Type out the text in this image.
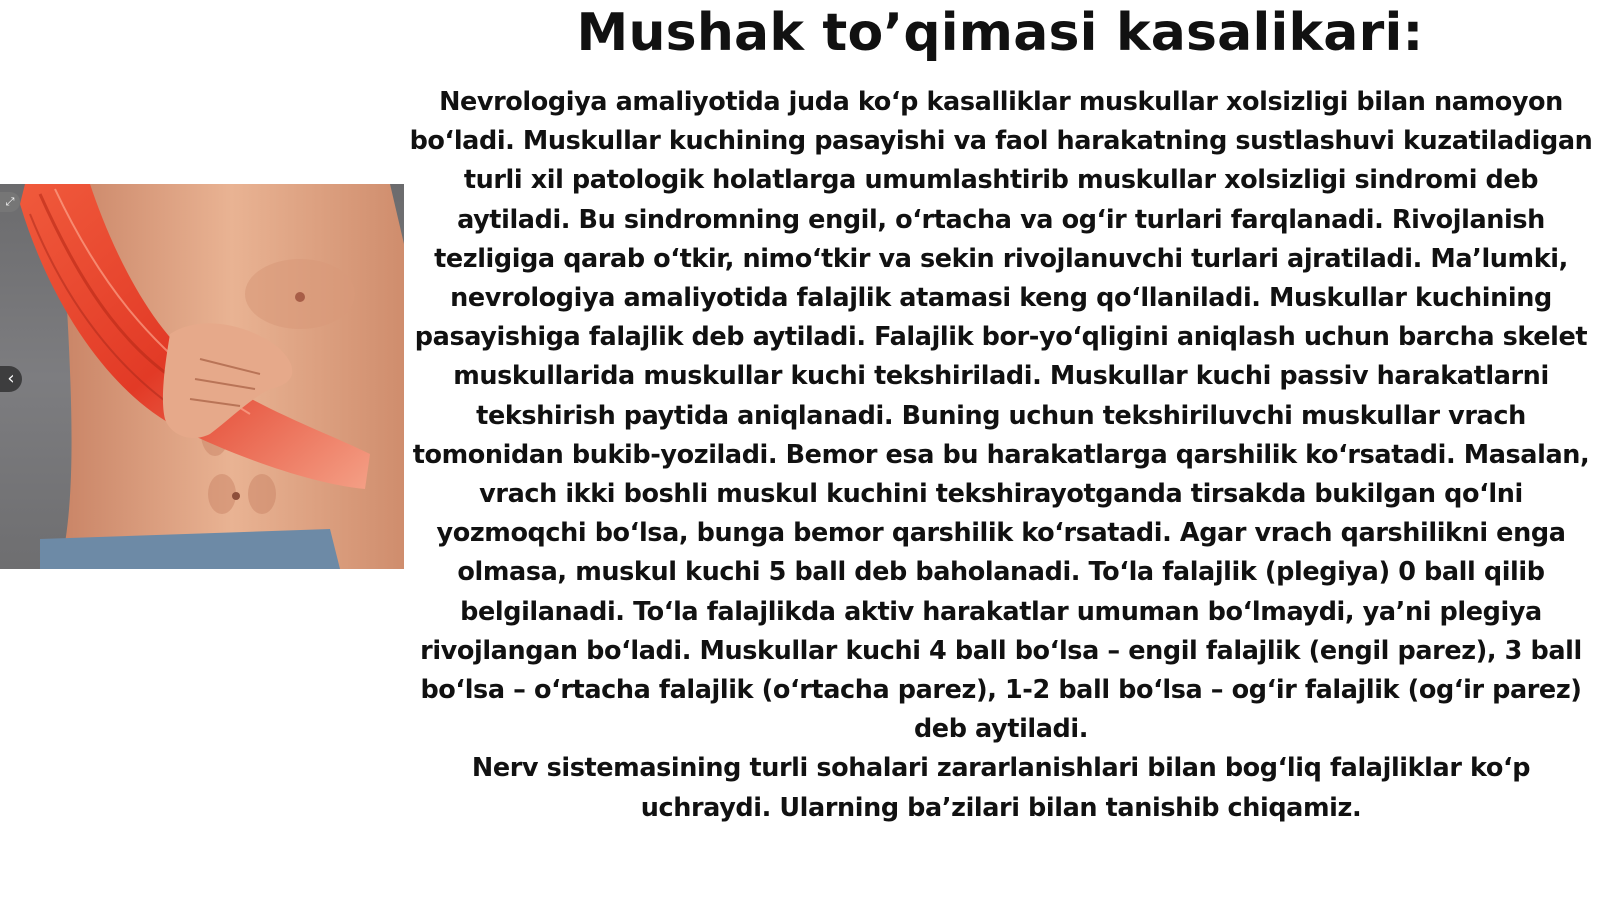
⤢
‹
Mushak to’qimasi kasalikari:

Nevrologiya amaliyotida juda koʻp kasalliklar muskullar xolsizligi bilan namoyon boʻladi. Muskullar kuchining pasayishi va faol harakatning sustlashuvi kuzatiladigan turli xil patologik holatlarga umumlashtirib muskullar xolsizligi sindromi deb aytiladi. Bu sindromning engil, oʻrtacha va ogʻir turlari farqlanadi. Rivojlanish tezligiga qarab oʻtkir, nimoʻtkir va sekin rivojlanuvchi turlari ajratiladi. Maʼlumki, nevrologiya amaliyotida falajlik atamasi keng qoʻllaniladi. Muskullar kuchining pasayishiga falajlik deb aytiladi. Falajlik bor-yoʻqligini aniqlash uchun barcha skelet muskullarida muskullar kuchi tekshiriladi. Muskullar kuchi passiv harakatlarni tekshirish paytida aniqlanadi. Buning uchun tekshiriluvchi muskullar vrach tomonidan bukib-yoziladi. Bemor esa bu harakatlarga qarshilik koʻrsatadi. Masalan, vrach ikki boshli muskul kuchini tekshirayotganda tirsakda bukilgan qoʻlni yozmoqchi boʻlsa, bunga bemor qarshilik koʻrsatadi. Agar vrach qarshilikni enga olmasa, muskul kuchi 5 ball deb baholanadi. Toʻla falajlik (plegiya) 0 ball qilib belgilanadi. Toʻla falajlikda aktiv harakatlar umuman boʻlmaydi, yaʼni plegiya rivojlangan boʻladi. Muskullar kuchi 4 ball boʻlsa – engil falajlik (engil parez), 3 ball boʻlsa – oʻrtacha falajlik (oʻrtacha parez), 1-2 ball boʻlsa – ogʻir falajlik (ogʻir parez) deb aytiladi.

Nerv sistemasining turli sohalari zararlanishlari bilan bogʻliq falajliklar koʻp uchraydi. Ularning baʼzilari bilan tanishib chiqamiz.
